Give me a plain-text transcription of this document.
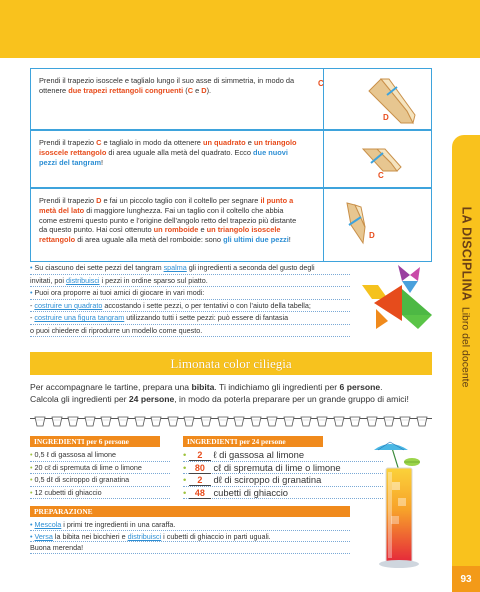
LA DISCIPLINA  Libro del docente
93
Prendi il trapezio isoscele e taglialo lungo il suo asse di simmetria, in modo da ottenere due trapezi rettangoli congruenti (C e D).
C
D
Prendi il trapezio C e taglialo in modo da ottenere un quadrato e un triangolo isoscele rettangolo di area uguale alla metà del quadrato. Ecco due nuovi pezzi del tangram!
C
Prendi il trapezio D e fai un piccolo taglio con il coltello per segnare il punto a metà del lato di maggiore lunghezza. Fai un taglio con il coltello che abbia come estremi questo punto e l’origine dell’angolo retto del trapezio più distante da questo punto. Hai così ottenuto un romboide e un triangolo isoscele rettangolo di area uguale alla metà del romboide: sono gli ultimi due pezzi!	D

• Su ciascuno dei sette pezzi del tangram spalma gli ingredienti a seconda del gusto degli

invitati, poi distribuisci i pezzi in ordine sparso sul piatto.

• Puoi ora proporre ai tuoi amici di giocare in vari modi:

- costruire un quadrato accostando i sette pezzi, o per tentativi o con l’aiuto della tabella;

- costruire una figura tangram utilizzando tutti i sette pezzi: può essere di fantasia

o puoi chiedere di riprodurre un modello come questo.

Limonata color ciliegia
Per accompagnare le tartine, prepara una bibita. Ti indichiamo gli ingredienti per 6 persone.
Calcola gli ingredienti per 24 persone, in modo da poterla preparare per un grande gruppo di amici!
INGREDIENTI per 6 persone
• 0,5 ℓ di gassosa al limone
• 20 cℓ di spremuta di lime o limone
• 0,5 dℓ di sciroppo di granatina
• 12 cubetti di ghiaccio
INGREDIENTI per 24 persone
• 2 ℓ di gassosa al limone
• 80 cℓ di spremuta di lime o limone
• 2 dℓ di sciroppo di granatina
• 48 cubetti di ghiaccio
PREPARAZIONE
• Mescola i primi tre ingredienti in una caraffa.
• Versa la bibita nei bicchieri e distribuisci i cubetti di ghiaccio in parti uguali.
Buona merenda!
